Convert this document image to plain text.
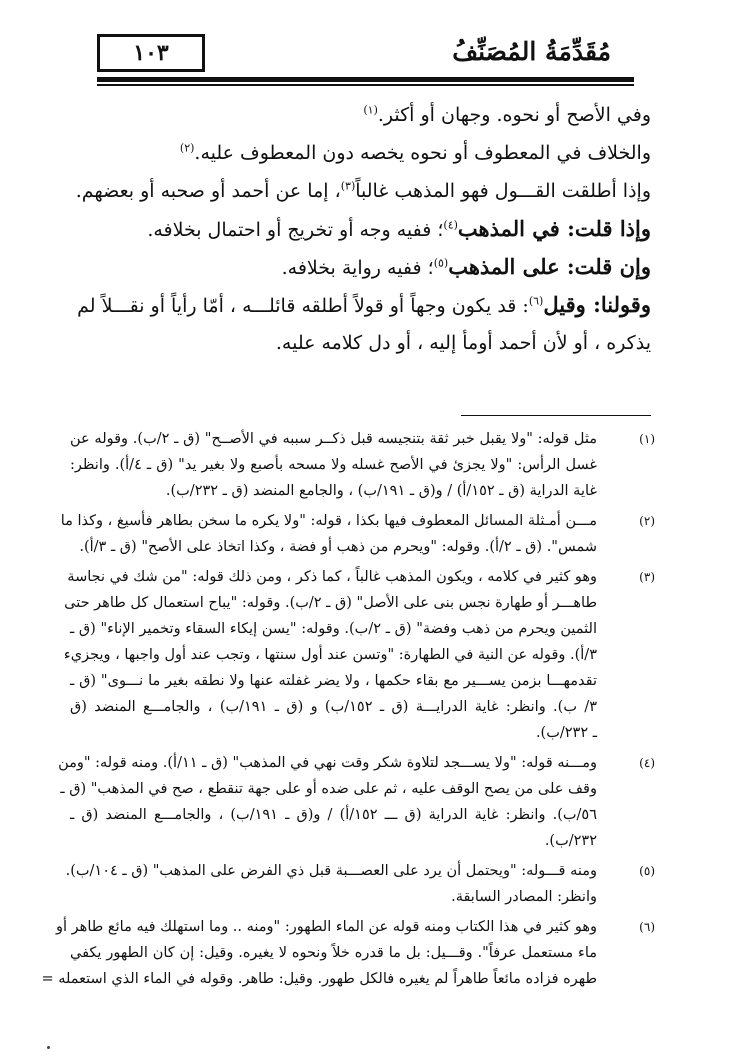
مُقَدِّمَةُ المُصَنِّفُ
١٠٣
وفي الأصح أو نحوه. وجهان أو أكثر.$^{(١)}$
والخلاف في المعطوف أو نحوه يخصه دون المعطوف عليه.$^{(٢)}$
وإذا أطلقت القـــول فهو المذهب غالباً$^{(٣)}$، إما عن أحمد أو صحبه أو بعضهم.
وإذا قلت: في المذهب$^{(٤)}$؛ ففيه وجه أو تخريج أو احتمال بخلافه.
وإن قلت: على المذهب$^{(٥)}$؛ ففيه رواية بخلافه.
وقولنا: وقيل$^{(٦)}$: قد يكون وجهاً أو قولاً أطلقه قائلـــه ، أمّا رأياً أو نقـــلاً لم
يذكره ، أو لأن أحمد أومأ إليه ، أو دل كلامه عليه.
(١)
مثل قوله: "ولا يقبل خبر ثقة بتنجيسه قبل ذكــر سببه في الأصــح" (ق ـ ٢/ب). وقوله عن
غسل الرأس: "ولا يجزئ في الأصح غسله ولا مسحه بأصبع ولا بغير يد" (ق ـ ٤/أ). وانظر:
غاية الدراية (ق ـ ١٥٢/أ) / و(ق ـ ١٩١/ب) ، والجامع المنضد (ق ـ ٢٣٢/ب).
(٢)
مـــن أمـثلة المسائل المعطوف فيها بكذا ، قوله: "ولا يكره ما سخن بطاهر فأسيغ ، وكذا ما
شمس". (ق ـ ٢/أ). وقوله: "ويحرم من ذهب أو فضة ، وكذا اتخاذ على الأصح" (ق ـ ٣/أ).
(٣)
وهو كثير في كلامه ، ويكون المذهب غالباً ، كما ذكر ، ومن ذلك قوله: "من شك في نجاسة
طاهـــر أو طهارة نجس بنى على الأصل" (ق ـ ٢/ب). وقوله: "يباح استعمال كل طاهر حتى
الثمين ويحرم من ذهب وفضة" (ق ـ ٢/ب). وقوله: "يسن إيكاء السقاء وتخمير الإناء" (ق ـ
٣/أ). وقوله عن النية في الطهارة: "وتسن عند أول سنتها ، وتجب عند أول واجبها ، ويجزيء
تقدمهـــا بزمن يســـير مع بقاء حكمها ، ولا يضر غفلته عنها ولا نطقه بغير ما نـــوى" (ق ـ
٣/ ب). وانظر: غاية الدرايـــة (ق ـ ١٥٢/ب) و (ق ـ ١٩١/ب) ، والجامـــع المنضد (ق
ـ ٢٣٢/ب).
(٤)
ومـــنه قوله: "ولا يســـجد لتلاوة شكر وقت نهي في المذهب" (ق ـ ١١/أ). ومنه قوله: "ومن
وقف على من يصح الوقف عليه ، ثم على ضده أو على جهة تنقطع ، صح في المذهب" (ق ـ
٥٦/ب). وانظر: غاية الدراية (ق ـــ ١٥٢/أ) / و(ق ـ ١٩١/ب) ، والجامـــع المنضد (ق ـ
٢٣٢/ب).
(٥)
ومنه قـــوله: "ويحتمل أن يرد على العصـــبة قبل ذي الفرض على المذهب" (ق ـ ١٠٤/ب).
وانظر: المصادر السابقة.
(٦)
وهو كثير في هذا الكتاب ومنه قوله عن الماء الطهور: "ومنه .. وما استهلك فيه مائع طاهر أو
ماء مستعمل عرفاً". وقـــيل: بل ما قدره خلاً ونحوه لا يغيره. وقيل: إن كان الطهور يكفي
طهره فزاده مائعاً طاهراً لم يغيره فالكل طهور. وقيل: طاهر. وقوله في الماء الذي استعمله =
